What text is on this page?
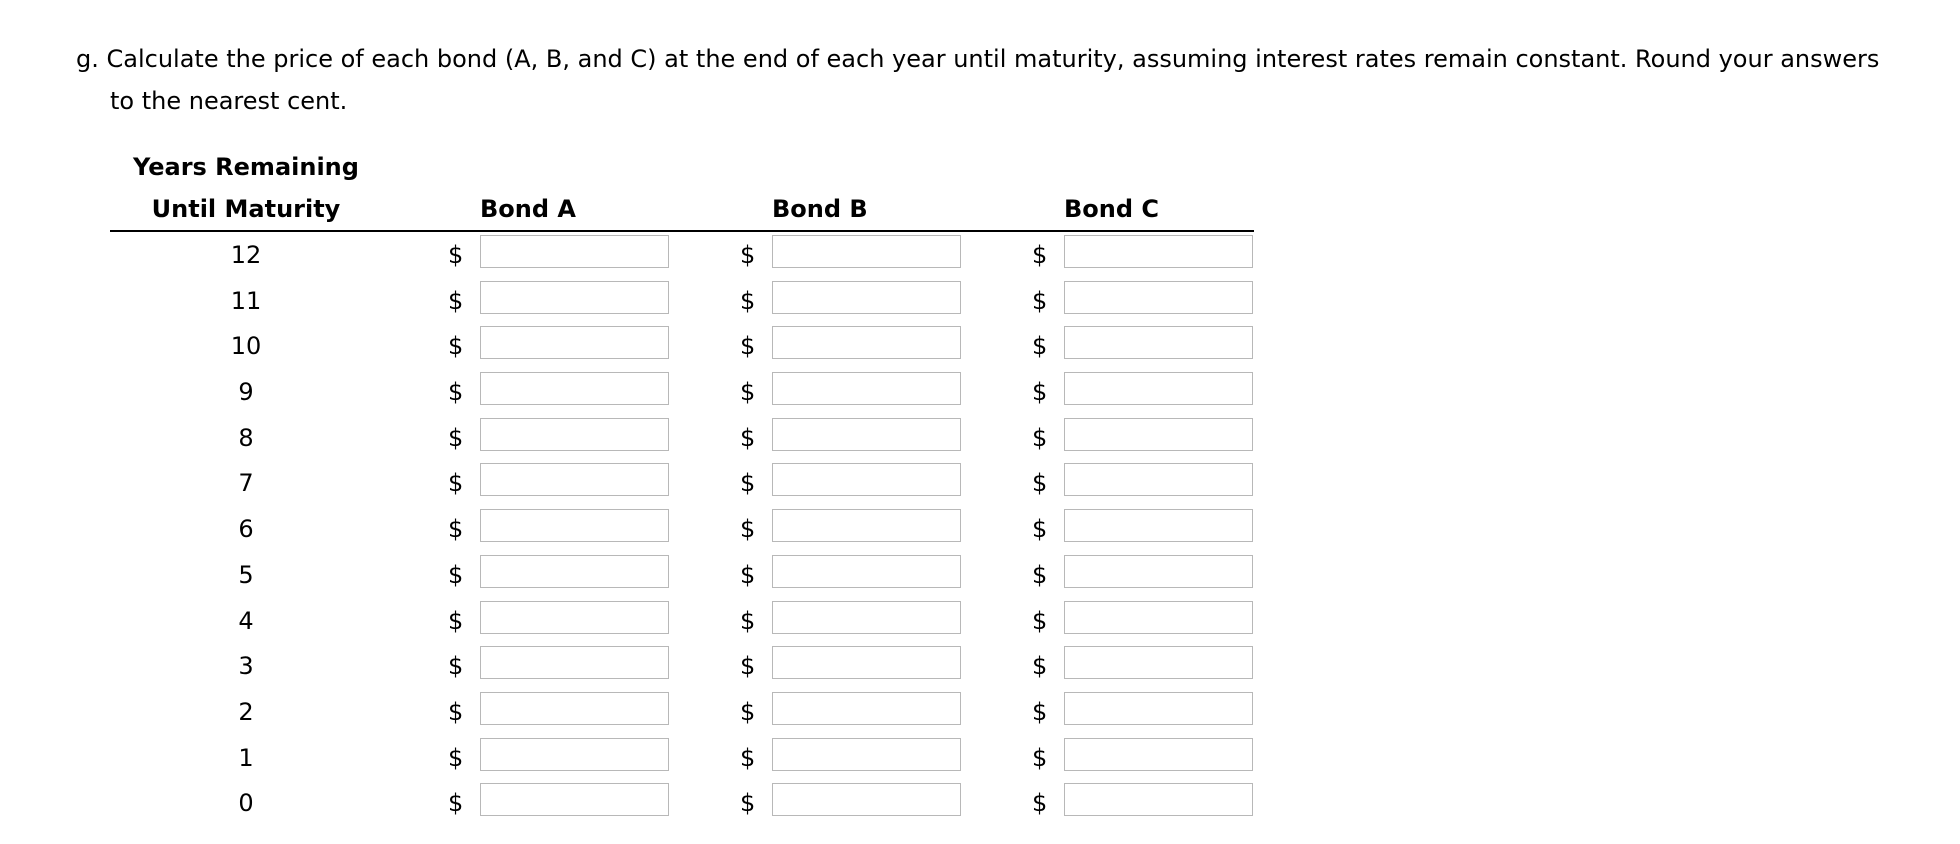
g. Calculate the price of each bond (A, B, and C) at the end of each year until maturity, assuming interest rates remain constant. Round your answers
to the nearest cent.
Years Remaining
Until Maturity	Bond A	Bond B	Bond C
12	$	$	$
11	$	$	$
10	$	$	$
9	$	$	$
8	$	$	$
7	$	$	$
6	$	$	$
5	$	$	$
4	$	$	$
3	$	$	$
2	$	$	$
1	$	$	$
0	$	$	$
